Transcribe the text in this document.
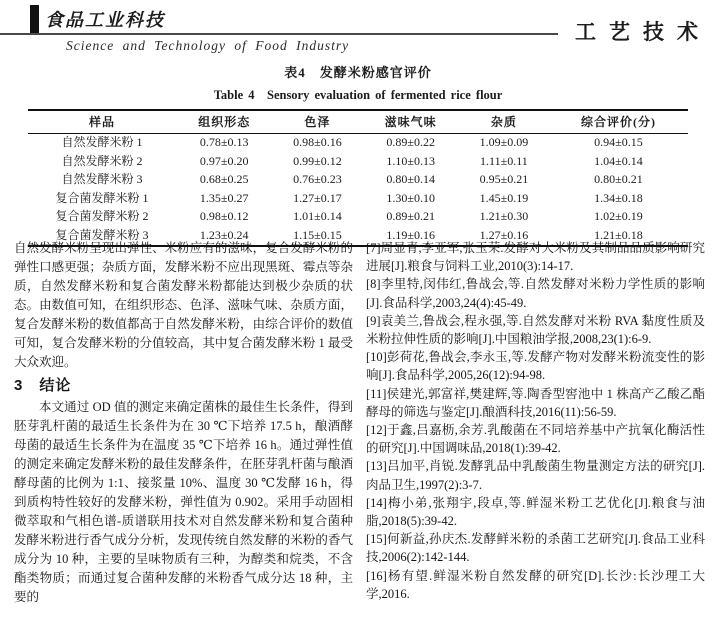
食品工业科技
Science and Technology of Food Industry
工艺技术
表4　发酵米粉感官评价
Table 4　Sensory evaluation of fermented rice flour
样品	组织形态	色泽	滋味气味	杂质	综合评价(分)
自然发酵米粉 1	0.78±0.13	0.98±0.16	0.89±0.22	1.09±0.09	0.94±0.15
自然发酵米粉 2	0.97±0.20	0.99±0.12	1.10±0.13	1.11±0.11	1.04±0.14
自然发酵米粉 3	0.68±0.25	0.76±0.23	0.80±0.14	0.95±0.21	0.80±0.21
复合菌发酵米粉 1	1.35±0.27	1.27±0.17	1.30±0.10	1.45±0.19	1.34±0.18
复合菌发酵米粉 2	0.98±0.12	1.01±0.14	0.89±0.21	1.21±0.30	1.02±0.19
复合菌发酵米粉 3	1.23±0.24	1.15±0.15	1.19±0.16	1.27±0.16	1.21±0.18

自然发酵米粉呈现出弹性、米粉应有的滋味，复合发酵米粉的弹性口感更强；杂质方面，发酵米粉不应出现黑斑、霉点等杂质，自然发酵米粉和复合菌发酵米粉都能达到极少杂质的状态。由数值可知，在组织形态、色泽、滋味气味、杂质方面，复合发酵米粉的数值都高于自然发酵米粉，由综合评价的数值可知，复合发酵米粉的分值较高，其中复合菌发酵米粉 1 最受大众欢迎。

3　结论

本文通过 OD 值的测定来确定菌株的最佳生长条件，得到胚芽乳杆菌的最适生长条件为在 30 ℃下培养 17.5 h，酿酒酵母菌的最适生长条件为在温度 35 ℃下培养 16 h。通过弹性值的测定来确定发酵米粉的最佳发酵条件，在胚芽乳杆菌与酿酒酵母菌的比例为 1:1、接浆量 10%、温度 30 ℃发酵 16 h，得到质构特性较好的发酵米粉，弹性值为 0.902。采用手动固相微萃取和气相色谱-质谱联用技术对自然发酵米粉和复合菌种发酵米粉进行香气成分分析，发现传统自然发酵的米粉的香气成分为 10 种，主要的呈味物质有三种，为醇类和烷类，不含酯类物质；而通过复合菌种发酵的米粉香气成分达 18 种，主要的

[7]周显青,李亚军,张玉荣.发酵对大米粉及其制品品质影响研究进展[J].粮食与饲料工业,2010(3):14-17.

[8]李里特,闵伟红,鲁战会,等.自然发酵对米粉力学性质的影响[J].食品科学,2003,24(4):45-49.

[9]袁美兰,鲁战会,程永强,等.自然发酵对米粉 RVA 黏度性质及米粉拉伸性质的影响[J].中国粮油学报,2008,23(1):6-9.

[10]彭荷花,鲁战会,李永玉,等.发酵产物对发酵米粉流变性的影响[J].食品科学,2005,26(12):94-98.

[11]侯建光,郭富祥,樊建辉,等.陶香型窖池中 1 株高产乙酸乙酯酵母的筛选与鉴定[J].酿酒科技,2016(11):56-59.

[12]于鑫,吕嘉枥,余芳.乳酸菌在不同培养基中产抗氧化酶活性的研究[J].中国调味品,2018(1):39-42.

[13]吕加平,肖锐.发酵乳品中乳酸菌生物量测定方法的研究[J].肉品卫生,1997(2):3-7.

[14]梅小弟,张翔宇,段卓,等.鲜湿米粉工艺优化[J].粮食与油脂,2018(5):39-42.

[15]何新益,孙庆杰.发酵鲜米粉的杀菌工艺研究[J].食品工业科技,2006(2):142-144.

[16]杨有望.鲜湿米粉自然发酵的研究[D].长沙:长沙理工大学,2016.
